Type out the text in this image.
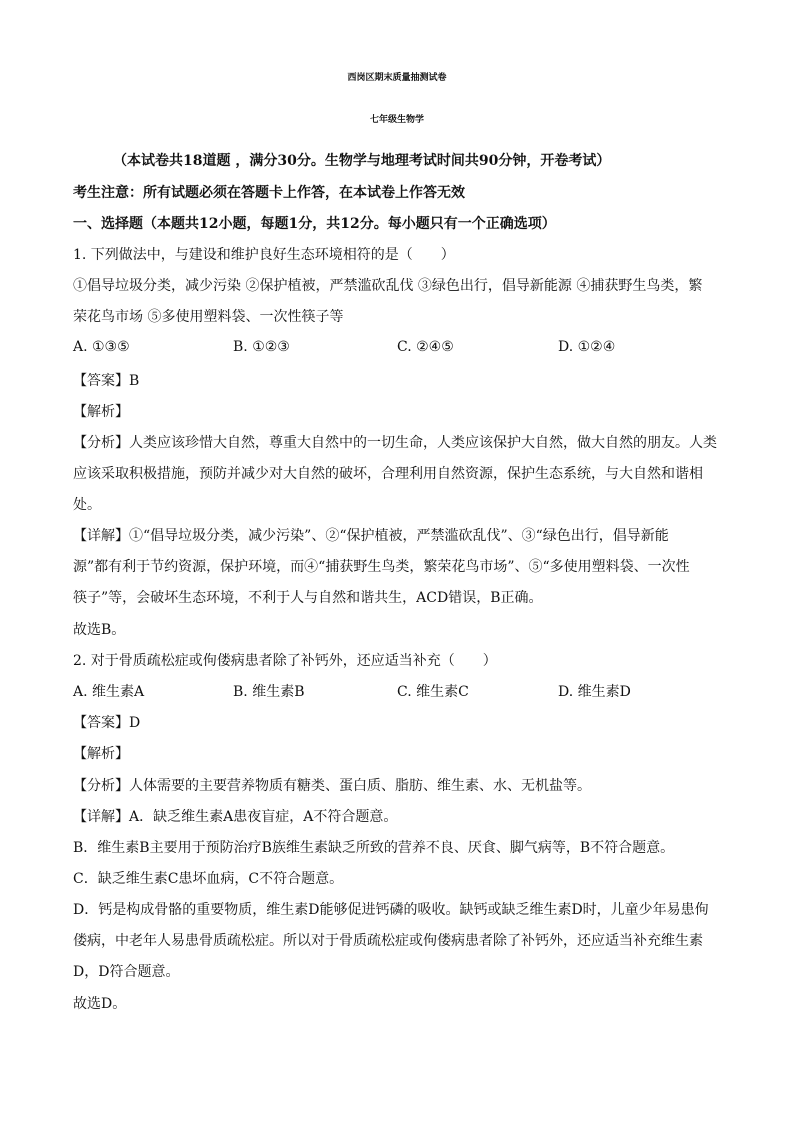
西岗区期末质量抽测试卷
七年级生物学
（本试卷共18道题 ，满分30分。生物学与地理考试时间共90分钟，开卷考试）
考生注意：所有试题必须在答题卡上作答，在本试卷上作答无效
一、选择题（本题共12小题，每题1分，共12分。每小题只有一个正确选项）
1. 下列做法中，与建设和维护良好生态环境相符的是（　　）
①倡导垃圾分类，减少污染 ②保护植被，严禁滥砍乱伐 ③绿色出行，倡导新能源 ④捕获野生鸟类，繁
荣花鸟市场 ⑤多使用塑料袋、一次性筷子等
A. ①③⑤	B. ①②③	C. ②④⑤	D. ①②④
【答案】B
【解析】
【分析】人类应该珍惜大自然，尊重大自然中的一切生命，人类应该保护大自然，做大自然的朋友。人类
应该采取积极措施，预防并减少对大自然的破坏，合理利用自然资源，保护生态系统，与大自然和谐相
处。
【详解】①“倡导垃圾分类，减少污染”、②“保护植被，严禁滥砍乱伐”、③“绿色出行，倡导新能
源”都有利于节约资源，保护环境，而④“捕获野生鸟类，繁荣花鸟市场”、⑤“多使用塑料袋、一次性
筷子”等，会破坏生态环境，不利于人与自然和谐共生，ACD错误，B正确。
故选B。
2. 对于骨质疏松症或佝偻病患者除了补钙外，还应适当补充（　　）
A. 维生素A	B. 维生素B	C. 维生素C	D. 维生素D
【答案】D
【解析】
【分析】人体需要的主要营养物质有糖类、蛋白质、脂肪、维生素、水、无机盐等。
【详解】A．缺乏维生素A患夜盲症，A不符合题意。
B．维生素B主要用于预防治疗B族维生素缺乏所致的营养不良、厌食、脚气病等，B不符合题意。
C．缺乏维生素C患坏血病，C不符合题意。
D．钙是构成骨骼的重要物质，维生素D能够促进钙磷的吸收。缺钙或缺乏维生素D时，儿童少年易患佝
偻病，中老年人易患骨质疏松症。所以对于骨质疏松症或佝偻病患者除了补钙外，还应适当补充维生素
D，D符合题意。
故选D。
